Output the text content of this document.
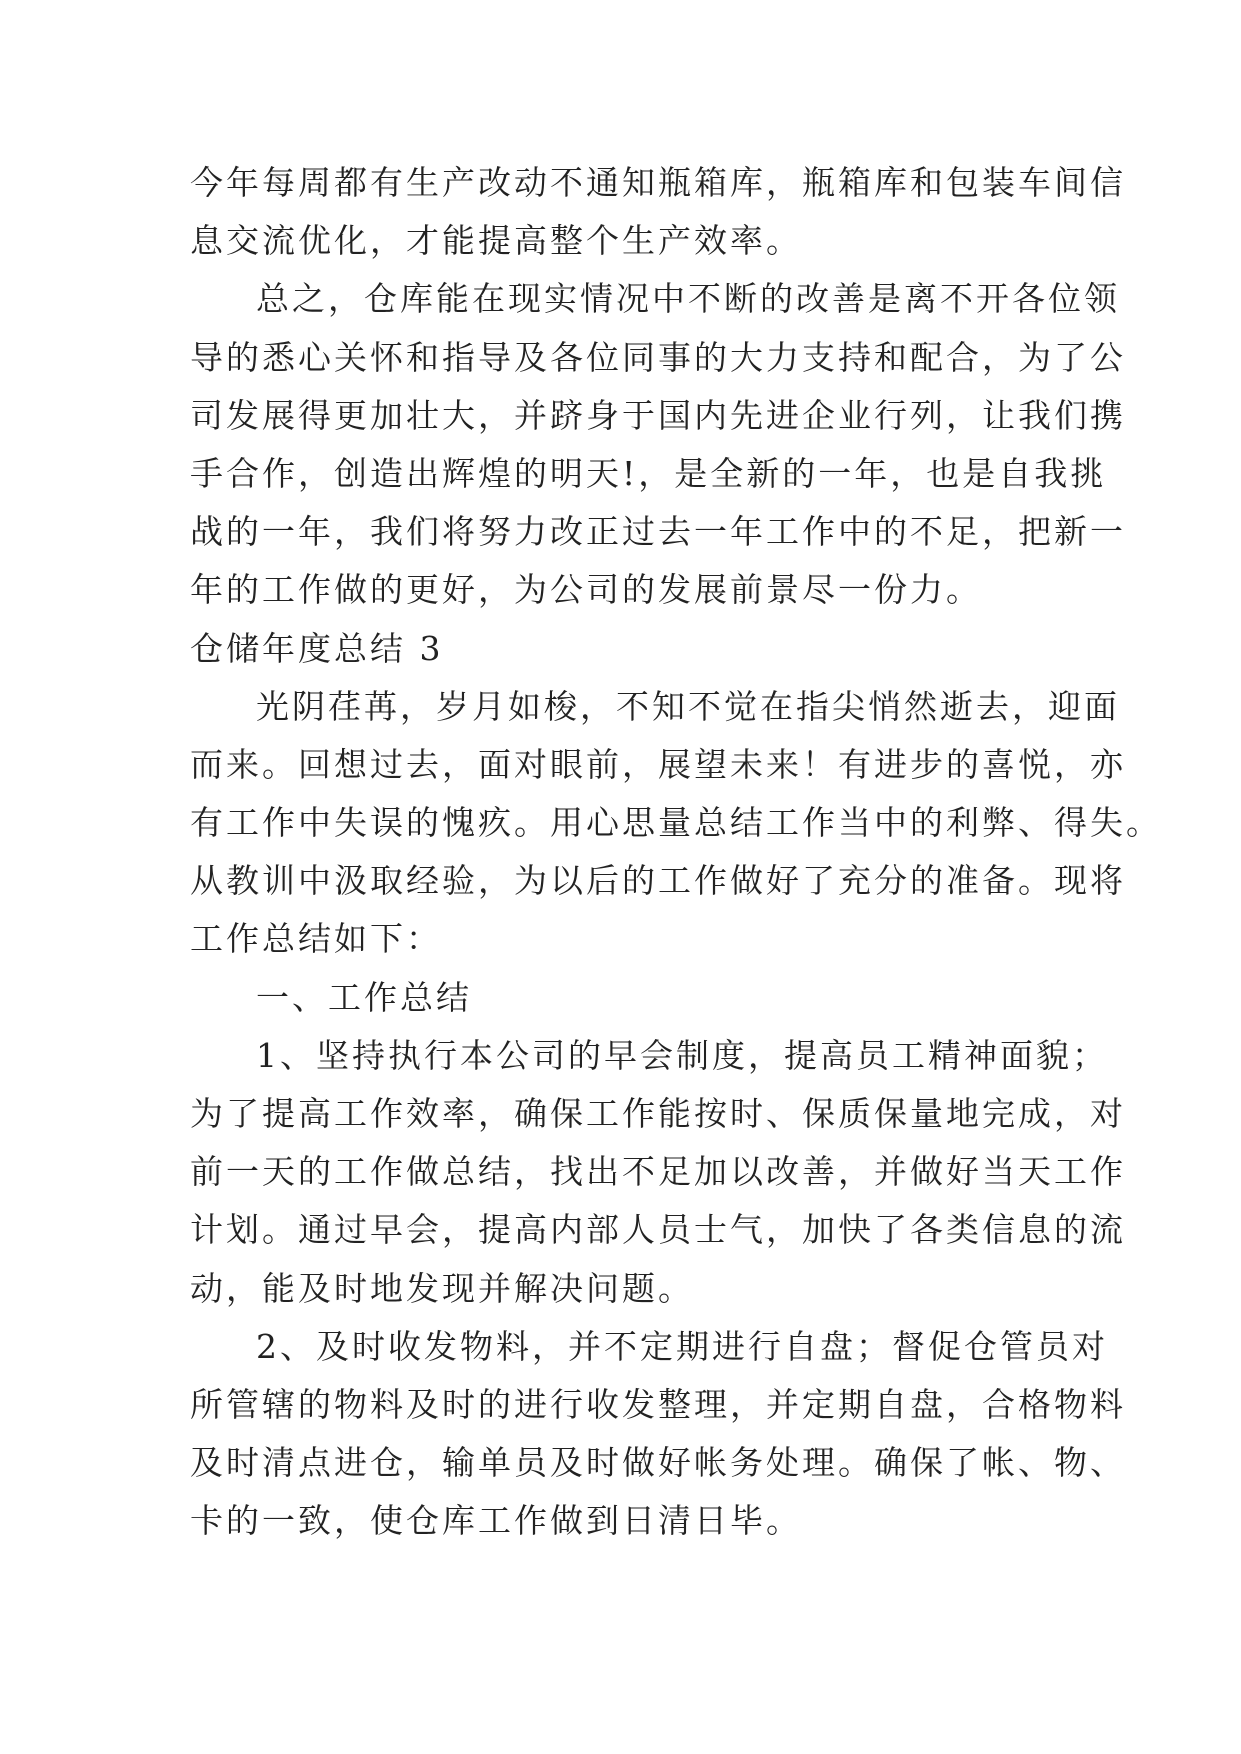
今年每周都有生产改动不通知瓶箱库，瓶箱库和包装车间信
息交流优化，才能提高整个生产效率。
总之，仓库能在现实情况中不断的改善是离不开各位领
导的悉心关怀和指导及各位同事的大力支持和配合，为了公
司发展得更加壮大，并跻身于国内先进企业行列，让我们携
手合作，创造出辉煌的明天!，是全新的一年，也是自我挑
战的一年，我们将努力改正过去一年工作中的不足，把新一
年的工作做的更好，为公司的发展前景尽一份力。
仓储年度总结 3
光阴荏苒，岁月如梭，不知不觉在指尖悄然逝去，迎面
而来。回想过去，面对眼前，展望未来！有进步的喜悦，亦
有工作中失误的愧疚。用心思量总结工作当中的利弊、得失。
从教训中汲取经验，为以后的工作做好了充分的准备。现将
工作总结如下：
一、工作总结
1、坚持执行本公司的早会制度，提高员工精神面貌；
为了提高工作效率，确保工作能按时、保质保量地完成，对
前一天的工作做总结，找出不足加以改善，并做好当天工作
计划。通过早会，提高内部人员士气，加快了各类信息的流
动，能及时地发现并解决问题。
2、及时收发物料，并不定期进行自盘；督促仓管员对
所管辖的物料及时的进行收发整理，并定期自盘，合格物料
及时清点进仓，输单员及时做好帐务处理。确保了帐、物、
卡的一致，使仓库工作做到日清日毕。
